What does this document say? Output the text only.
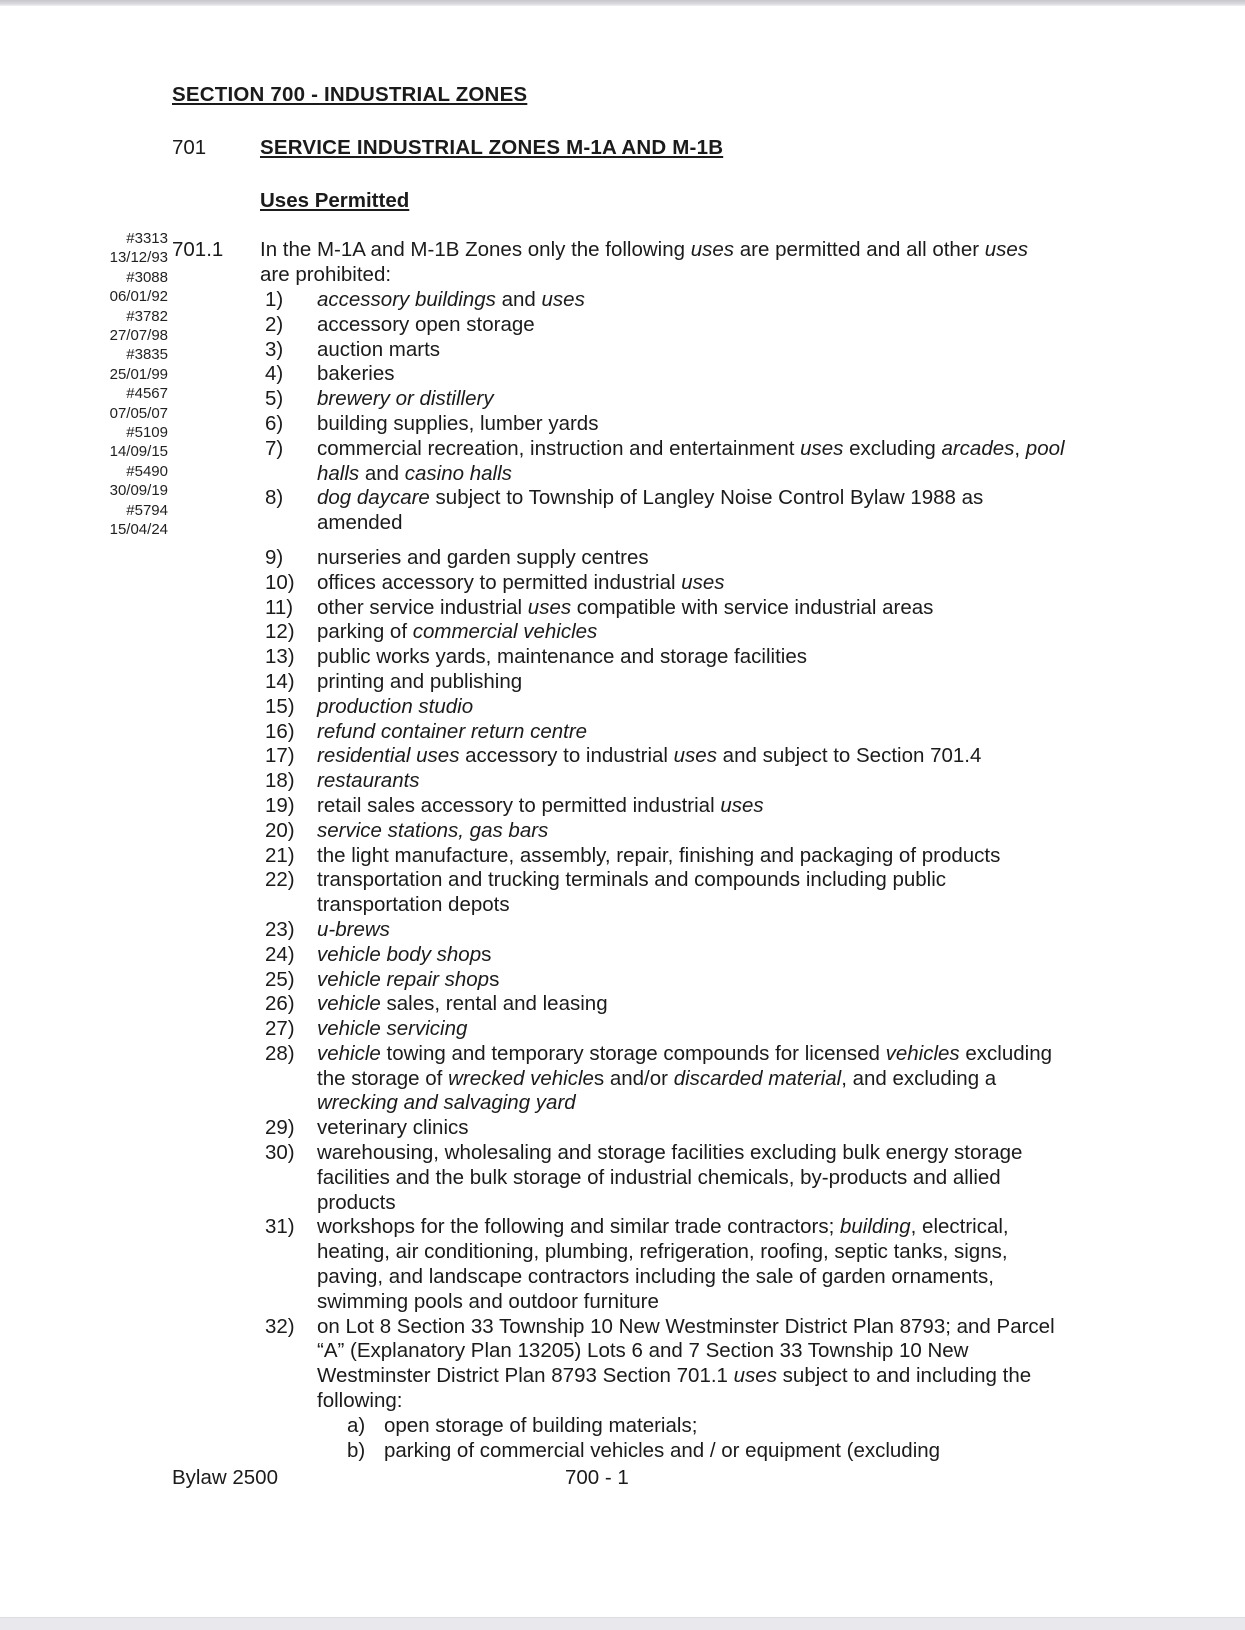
#3313
13/12/93
#3088
06/01/92
#3782
27/07/98
#3835
25/01/99
#4567
07/05/07
#5109
14/09/15
#5490
30/09/19
#5794
15/04/24
SECTION 700 - INDUSTRIAL ZONES
701	SERVICE INDUSTRIAL ZONES M-1A AND M-1B
Uses Permitted
701.1	In the M-1A and M-1B Zones only the following uses are permitted and all other uses
are prohibited:
1)	accessory buildings and uses
2)	accessory open storage
3)	auction marts
4)	bakeries
5)	brewery or distillery
6)	building supplies, lumber yards
7)	commercial recreation, instruction and entertainment uses excluding arcades, pool
halls and casino halls
8)	dog daycare subject to Township of Langley Noise Control Bylaw 1988 as
amended
9)	nurseries and garden supply centres
10)	offices accessory to permitted industrial uses
11)	other service industrial uses compatible with service industrial areas
12)	parking of commercial vehicles
13)	public works yards, maintenance and storage facilities
14)	printing and publishing
15)	production studio
16)	refund container return centre
17)	residential uses accessory to industrial uses and subject to Section 701.4
18)	restaurants
19)	retail sales accessory to permitted industrial uses
20)	service stations, gas bars
21)	the light manufacture, assembly, repair, finishing and packaging of products
22)	transportation and trucking terminals and compounds including public
transportation depots
23)	u-brews
24)	vehicle body shops
25)	vehicle repair shops
26)	vehicle sales, rental and leasing
27)	vehicle servicing
28)	vehicle towing and temporary storage compounds for licensed vehicles excluding
the storage of wrecked vehicles and/or discarded material, and excluding a
wrecking and salvaging yard
29)	veterinary clinics
30)	warehousing, wholesaling and storage facilities excluding bulk energy storage
facilities and the bulk storage of industrial chemicals, by-products and allied
products
31)	workshops for the following and similar trade contractors; building, electrical,
heating, air conditioning, plumbing, refrigeration, roofing, septic tanks, signs,
paving, and landscape contractors including the sale of garden ornaments,
swimming pools and outdoor furniture
32)	on Lot 8 Section 33 Township 10 New Westminster District Plan 8793; and Parcel
“A” (Explanatory Plan 13205) Lots 6 and 7 Section 33 Township 10 New
Westminster District Plan 8793 Section 701.1 uses subject to and including the
following:
a) open storage of building materials;
b) parking of commercial vehicles and / or equipment (excluding
Bylaw 2500	700 - 1
